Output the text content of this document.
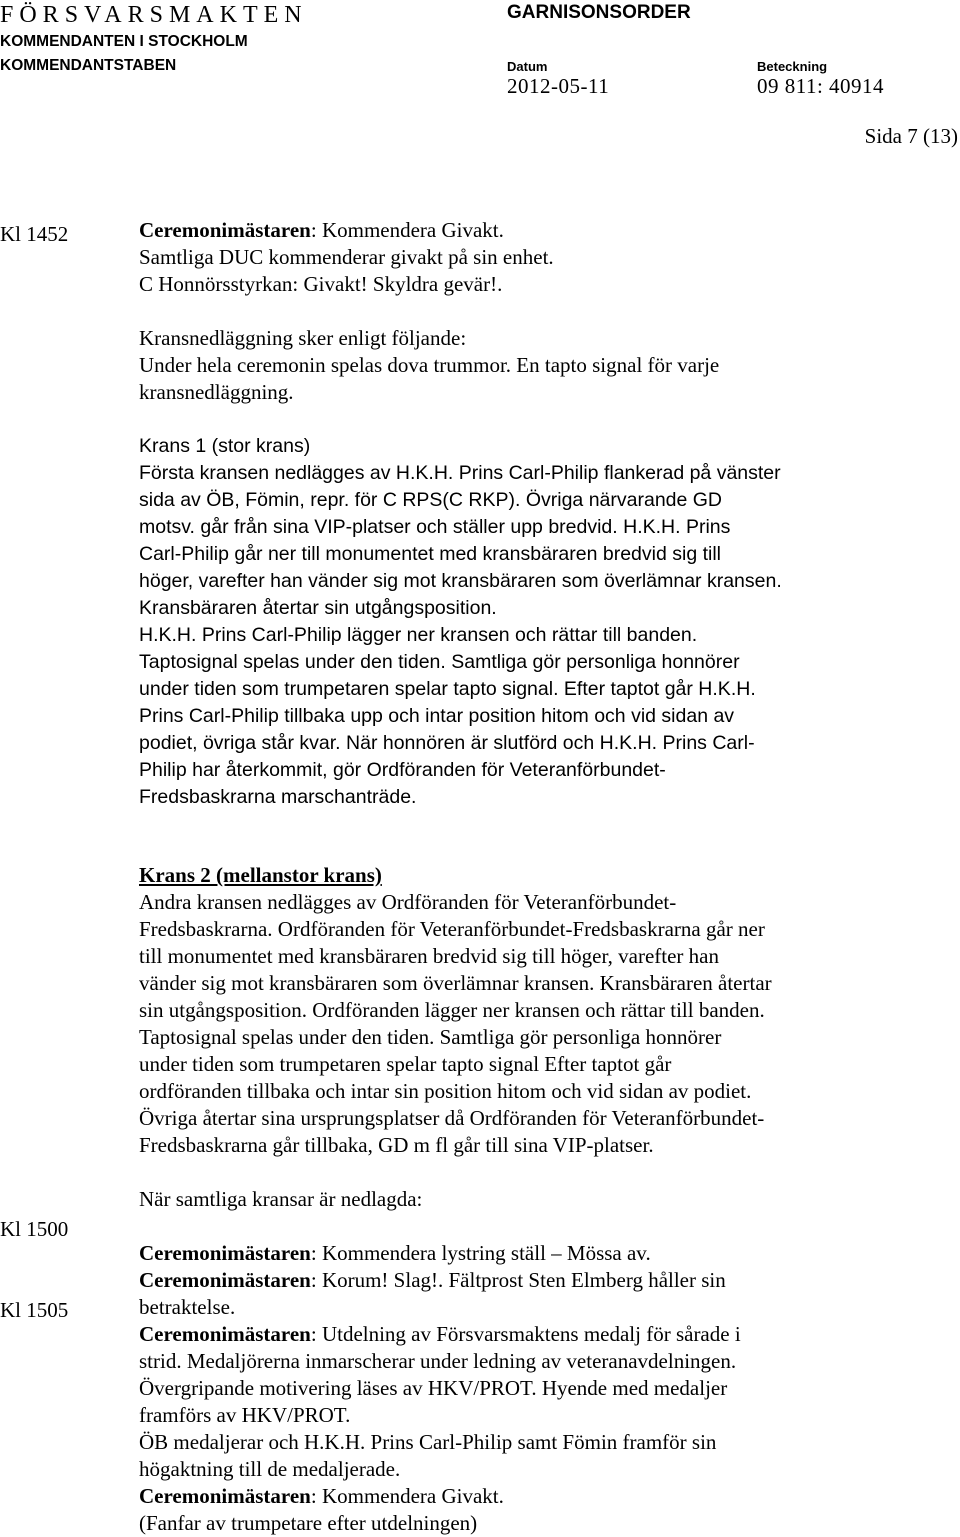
FÖRSVARSMAKTEN
KOMMENDANTEN I STOCKHOLM
KOMMENDANTSTABEN
GARNISONSORDER
Datum
2012-05-11
Beteckning
09 811: 40914
Sida 7 (13)
Kl 1452
Kl 1500
Kl 1505
Ceremonimästaren: Kommendera Givakt.
Samtliga DUC kommenderar givakt på sin enhet.
C Honnörsstyrkan: Givakt! Skyldra gevär!.
Kransnedläggning sker enligt följande:
Under hela ceremonin spelas dova trummor. En tapto signal för varje
kransnedläggning.
Krans 1 (stor krans)
Första kransen nedlägges av H.K.H. Prins Carl-Philip flankerad på vänster
sida av ÖB, Fömin, repr. för C RPS(C RKP). Övriga närvarande GD
motsv. går från sina VIP-platser och ställer upp bredvid. H.K.H. Prins
Carl-Philip går ner till monumentet med kransbäraren bredvid sig till
höger, varefter han vänder sig mot kransbäraren som överlämnar kransen.
Kransbäraren återtar sin utgångsposition.
H.K.H. Prins Carl-Philip lägger ner kransen och rättar till banden.
Taptosignal spelas under den tiden. Samtliga gör personliga honnörer
under tiden som trumpetaren spelar tapto signal. Efter taptot går H.K.H.
Prins Carl-Philip tillbaka upp och intar position hitom och vid sidan av
podiet, övriga står kvar. När honnören är slutförd och H.K.H. Prins Carl-
Philip har återkommit, gör Ordföranden för Veteranförbundet-
Fredsbaskrarna marschanträde.
Krans 2 (mellanstor krans)
Andra kransen nedlägges av Ordföranden för Veteranförbundet-
Fredsbaskrarna. Ordföranden för Veteranförbundet-Fredsbaskrarna går ner
till monumentet med kransbäraren bredvid sig till höger, varefter han
vänder sig mot kransbäraren som överlämnar kransen. Kransbäraren återtar
sin utgångsposition. Ordföranden lägger ner kransen och rättar till banden.
Taptosignal spelas under den tiden. Samtliga gör personliga honnörer
under tiden som trumpetaren spelar tapto signal Efter taptot går
ordföranden tillbaka och intar sin position hitom och vid sidan av podiet.
Övriga återtar sina ursprungsplatser då Ordföranden för Veteranförbundet-
Fredsbaskrarna går tillbaka, GD m fl går till sina VIP-platser.
När samtliga kransar är nedlagda:
Ceremonimästaren: Kommendera lystring ställ – Mössa av.
Ceremonimästaren: Korum! Slag!. Fältprost Sten Elmberg håller sin
betraktelse.
Ceremonimästaren: Utdelning av Försvarsmaktens medalj för sårade i
strid. Medaljörerna inmarscherar under ledning av veteranavdelningen.
Övergripande motivering läses av HKV/PROT. Hyende med medaljer
framförs av HKV/PROT.
ÖB medaljerar och H.K.H. Prins Carl-Philip samt Fömin framför sin
högaktning till de medaljerade.
Ceremonimästaren: Kommendera Givakt.
(Fanfar av trumpetare efter utdelningen)
